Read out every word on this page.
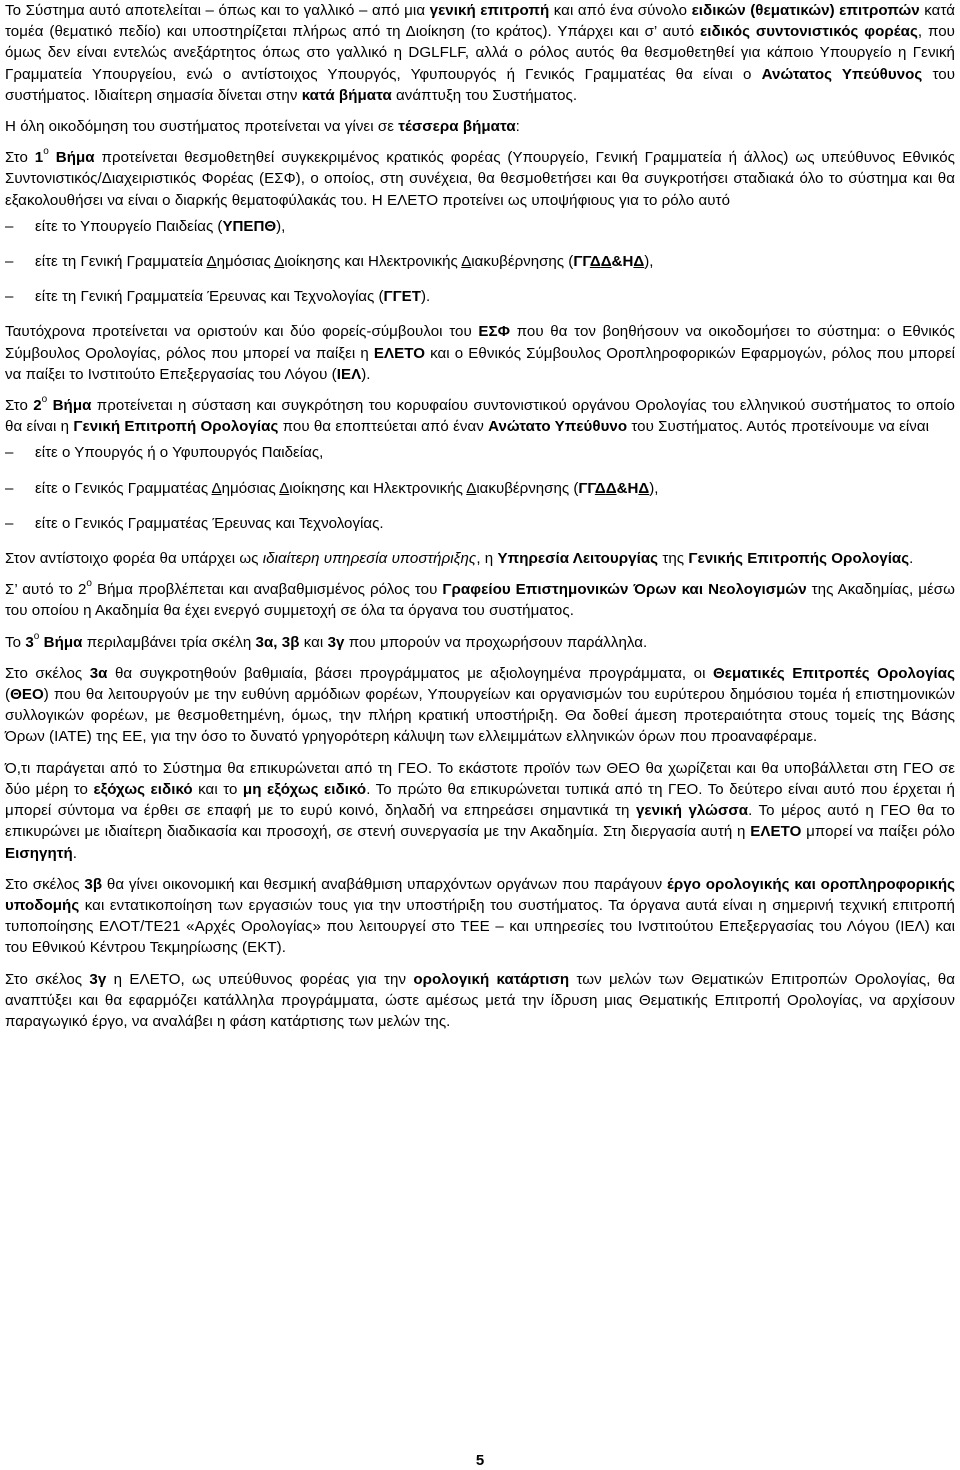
Το Σύστημα αυτό αποτελείται – όπως και το γαλλικό – από μια γενική επιτροπή και από ένα σύνολο ειδικών (θεματικών) επιτροπών κατά τομέα (θεματικό πεδίο) και υποστηρίζεται πλήρως από τη Διοίκηση (το κράτος). Υπάρχει και σ’ αυτό ειδικός συντονιστικός φορέας, που όμως δεν είναι εντελώς ανεξάρτητος όπως στο γαλλικό η DGLFLF, αλλά ο ρόλος αυτός θα θεσμοθετηθεί για κάποιο Υπουργείο η Γενική Γραμματεία Υπουργείου, ενώ ο αντίστοιχος Υπουργός, Υφυπουργός ή Γενικός Γραμματέας θα είναι ο Ανώτατος Υπεύθυνος του συστήματος. Ιδιαίτερη σημασία δίνεται στην κατά βήματα ανάπτυξη του Συστήματος.

Η όλη οικοδόμηση του συστήματος προτείνεται να γίνει σε τέσσερα βήματα:

Στο $1^o$ Βήμα προτείνεται θεσμοθετηθεί συγκεκριμένος κρατικός φορέας (Υπουργείο, Γενική Γραμματεία ή άλλος) ως υπεύθυνος Εθνικός Συντονιστικός/Διαχειριστικός Φορέας (ΕΣΦ), ο οποίος, στη συνέχεια, θα θεσμοθετήσει και θα συγκροτήσει σταδιακά όλο το σύστημα και θα εξακολουθήσει να είναι ο διαρκής θεματοφύλακάς του. Η ΕΛΕΤΟ προτείνει ως υποψήφιους για το ρόλο αυτό

–	είτε το Υπουργείο Παιδείας (ΥΠΕΠΘ),
–	είτε τη Γενική Γραμματεία Δημόσιας Διοίκησης και Ηλεκτρονικής Διακυβέρνησης (ΓΓΔΔ&ΗΔ),
–	είτε τη Γενική Γραμματεία Έρευνας και Τεχνολογίας (ΓΓΕΤ).

Ταυτόχρονα προτείνεται να οριστούν και δύο φορείς-σύμβουλοι του ΕΣΦ που θα τον βοηθήσουν να οικοδομήσει το σύστημα: ο Εθνικός Σύμβουλος Ορολογίας, ρόλος που μπορεί να παίξει η ΕΛΕΤΟ και ο Εθνικός Σύμβουλος Οροπληροφορικών Εφαρμογών, ρόλος που μπορεί να παίξει το Ινστιτούτο Επεξεργασίας του Λόγου (ΙΕΛ).

Στο $2^o$ Βήμα προτείνεται η σύσταση και συγκρότηση του κορυφαίου συντονιστικού οργάνου Ορολογίας του ελληνικού συστήματος το οποίο θα είναι η Γενική Επιτροπή Ορολογίας που θα εποπτεύεται από έναν Ανώτατο Υπεύθυνο του Συστήματος. Αυτός προτείνουμε να είναι

–	είτε ο Υπουργός ή ο Υφυπουργός Παιδείας,
–	είτε ο Γενικός Γραμματέας Δημόσιας Διοίκησης και Ηλεκτρονικής Διακυβέρνησης (ΓΓΔΔ&ΗΔ),
–	είτε ο Γενικός Γραμματέας Έρευνας και Τεχνολογίας.

Στον αντίστοιχο φορέα θα υπάρχει ως ιδιαίτερη υπηρεσία υποστήριξης, η Υπηρεσία Λειτουργίας της Γενικής Επιτροπής Ορολογίας.

Σ’ αυτό το $2^o$ Βήμα προβλέπεται και αναβαθμισμένος ρόλος του Γραφείου Επιστημονικών Όρων και Νεολογισμών της Ακαδημίας, μέσω του οποίου η Ακαδημία θα έχει ενεργό συμμετοχή σε όλα τα όργανα του συστήματος.

Το $3^o$ Βήμα περιλαμβάνει τρία σκέλη 3α, 3β και 3γ που μπορούν να προχωρήσουν παράλληλα.

Στο σκέλος 3α θα συγκροτηθούν βαθμιαία, βάσει προγράμματος με αξιολογημένα προγράμματα, οι Θεματικές Επιτροπές Ορολογίας (ΘΕΟ) που θα λειτουργούν με την ευθύνη αρμόδιων φορέων, Υπουργείων και οργανισμών του ευρύτερου δημόσιου τομέα ή επιστημονικών συλλογικών φορέων, με θεσμοθετημένη, όμως, την πλήρη κρατική υποστήριξη. Θα δοθεί άμεση προτεραιότητα στους τομείς της Βάσης Όρων (ΙΑΤΕ) της ΕΕ, για την όσο το δυνατό γρηγορότερη κάλυψη των ελλειμμάτων ελληνικών όρων που προαναφέραμε.

Ό,τι παράγεται από το Σύστημα θα επικυρώνεται από τη ΓΕΟ. Το εκάστοτε προϊόν των ΘΕΟ θα χωρίζεται και θα υποβάλλεται στη ΓΕΟ σε δύο μέρη το εξόχως ειδικό και το μη εξόχως ειδικό. Το πρώτο θα επικυρώνεται τυπικά από τη ΓΕΟ. Το δεύτερο είναι αυτό που έρχεται ή μπορεί σύντομα να έρθει σε επαφή με το ευρύ κοινό, δηλαδή να επηρεάσει σημαντικά τη γενική γλώσσα. Το μέρος αυτό η ΓΕΟ θα το επικυρώνει με ιδιαίτερη διαδικασία και προσοχή, σε στενή συνεργασία με την Ακαδημία. Στη διεργασία αυτή η ΕΛΕΤΟ μπορεί να παίξει ρόλο Εισηγητή.

Στο σκέλος 3β θα γίνει οικονομική και θεσμική αναβάθμιση υπαρχόντων οργάνων που παράγουν έργο ορολογικής και οροπληροφορικής υποδομής και εντατικοποίηση των εργασιών τους για την υποστήριξη του συστήματος. Τα όργανα αυτά είναι η σημερινή τεχνική επιτροπή τυποποίησης ΕΛΟΤ/ΤΕ21 «Αρχές Ορολογίας» που λειτουργεί στο ΤΕΕ – και υπηρεσίες του Ινστιτούτου Επεξεργασίας του Λόγου (ΙΕΛ) και του Εθνικού Κέντρου Τεκμηρίωσης (ΕΚΤ).

Στο σκέλος 3γ η ΕΛΕΤΟ, ως υπεύθυνος φορέας για την ορολογική κατάρτιση των μελών των Θεματικών Επιτροπών Ορολογίας, θα αναπτύξει και θα εφαρμόζει κατάλληλα προγράμματα, ώστε αμέσως μετά την ίδρυση μιας Θεματικής Επιτροπή Ορολογίας, να αρχίσουν παραγωγικό έργο, να αναλάβει η φάση κατάρτισης των μελών της.

5
